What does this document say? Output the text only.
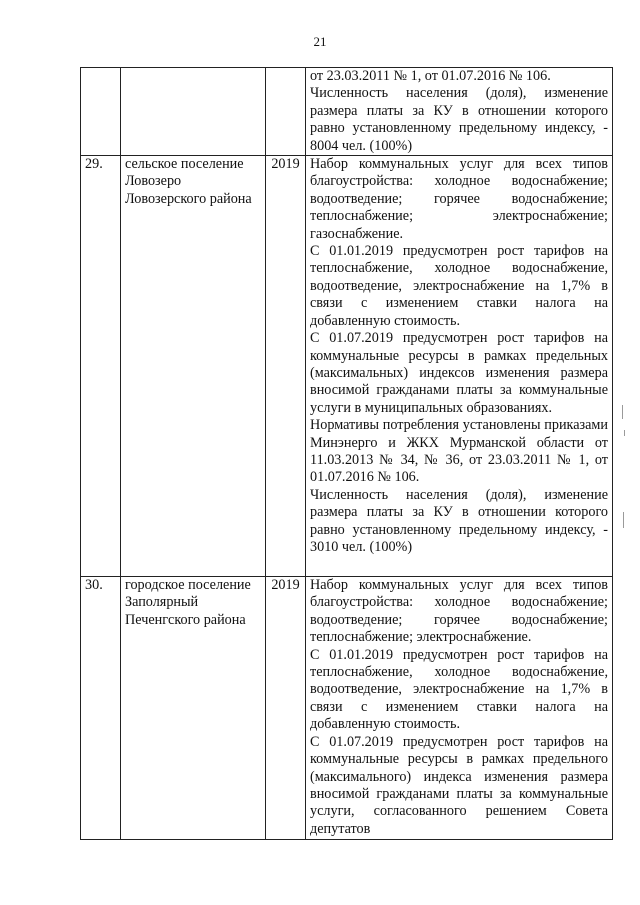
21

			от 23.03.2011 № 1, от 01.07.2016 № 106.
Численность населения (доля), изменение размера платы за КУ в отношении которого равно установленному предельному индексу, - 8004 чел. (100%)

29.	сельское поселение Ловозеро Ловозерского района	2019	Набор коммунальных услуг для всех типов благоустройства: холодное водоснабжение; водоотведение; горячее водоснабжение; теплоснабжение; электроснабжение; газоснабжение.
С 01.01.2019 предусмотрен рост тарифов на теплоснабжение, холодное водоснабжение, водоотведение, электроснабжение на 1,7% в связи с изменением ставки налога на добавленную стоимость.
С 01.07.2019 предусмотрен рост тарифов на коммунальные ресурсы в рамках предельных (максимальных) индексов изменения размера вносимой гражданами платы за коммунальные услуги в муниципальных образованиях.
Нормативы потребления установлены приказами Минэнерго и ЖКХ Мурманской области от 11.03.2013 № 34, № 36, от 23.03.2011 № 1, от 01.07.2016 № 106.
Численность населения (доля), изменение размера платы за КУ в отношении которого равно установленному предельному индексу, - 3010 чел. (100%)

30.	городское поселение Заполярный Печенгского района	2019	Набор коммунальных услуг для всех типов благоустройства: холодное водоснабжение; водоотведение; горячее водоснабжение; теплоснабжение; электроснабжение.
С 01.01.2019 предусмотрен рост тарифов на теплоснабжение, холодное водоснабжение, водоотведение, электроснабжение на 1,7% в связи с изменением ставки налога на добавленную стоимость.
С 01.07.2019 предусмотрен рост тарифов на коммунальные ресурсы в рамках предельного (максимального) индекса изменения размера вносимой гражданами платы за коммунальные услуги, согласованного решением Совета депутатов
